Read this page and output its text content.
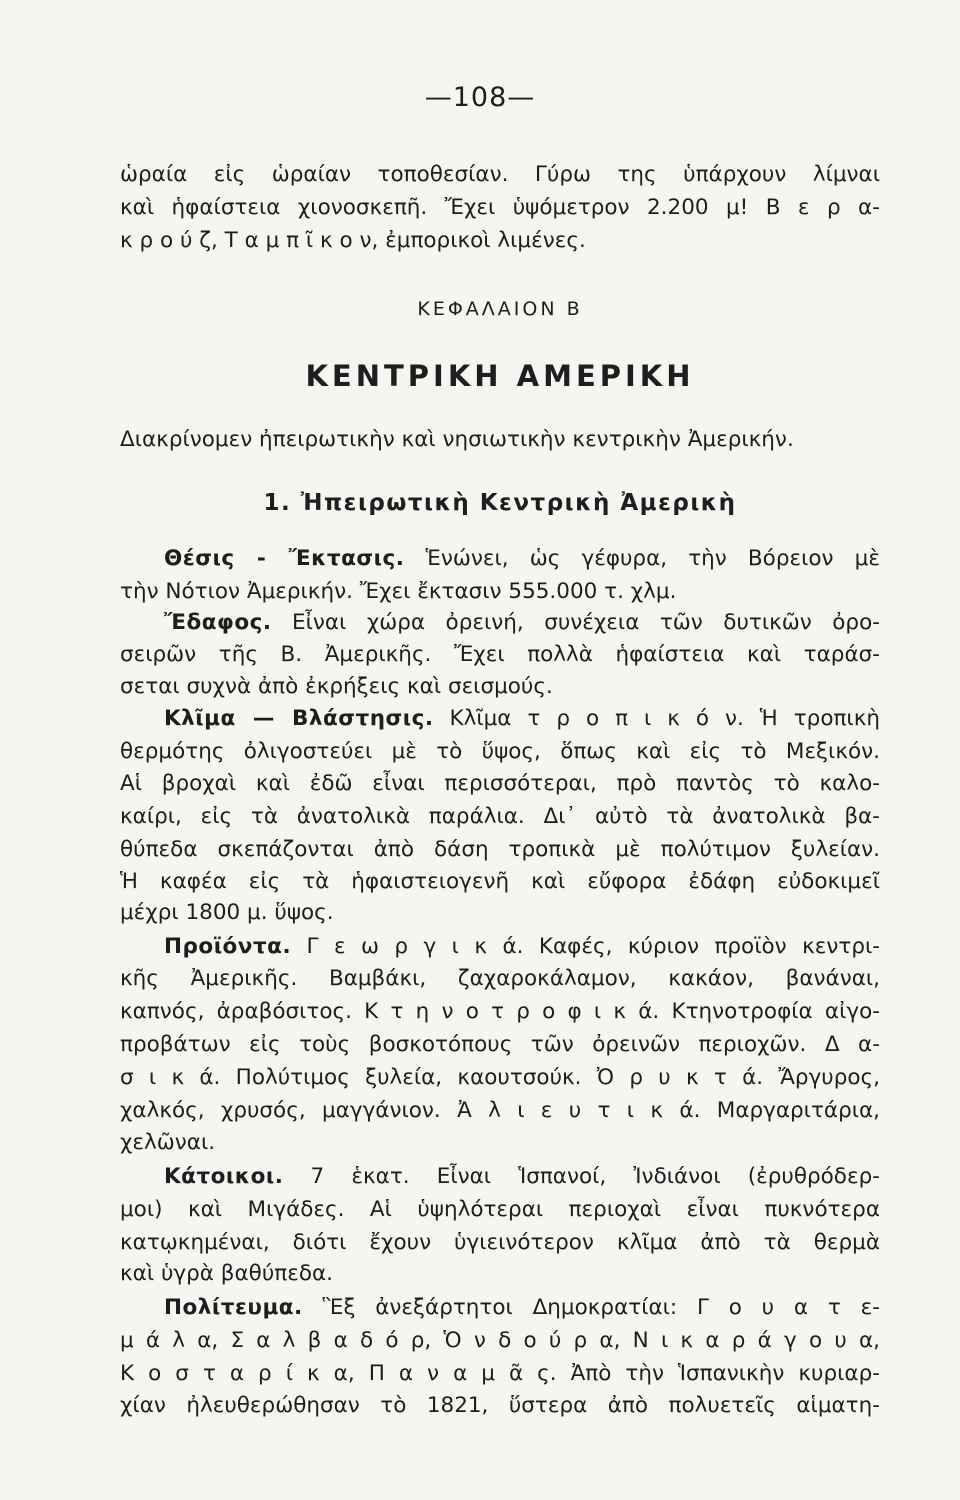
—108—
ὡραία εἰς ὡραίαν τοποθεσίαν. Γύρω της ὑπάρχουν λίμναι
καὶ ἡφαίστεια χιονοσκεπῆ. Ἔχει ὑψόμετρον 2.200 μ! Β ε ρ α-
κ ρ ο ύ ζ, Τ α μ π ῖ κ ο ν, ἐμπορικοὶ λιμένες.
ΚΕΦΑΛΑΙΟΝ Β
ΚΕΝΤΡΙΚΗ ΑΜΕΡΙΚΗ
Διακρίνομεν ἠπειρωτικὴν καὶ νησιωτικὴν κεντρικὴν Ἀμερικήν.
1. Ἠπειρωτικὴ Κεντρικὴ Ἀμερικὴ
Θέσις - Ἔκτασις. Ἑνώνει, ὡς γέφυρα, τὴν Βόρειον μὲ
τὴν Νότιον Ἀμερικήν. Ἔχει ἔκτασιν 555.000 τ. χλμ.
Ἔδαφος. Εἶναι χώρα ὀρεινή, συνέχεια τῶν δυτικῶν ὀρο-
σειρῶν τῆς Β. Ἀμερικῆς. Ἔχει πολλὰ ἡφαίστεια καὶ ταράσ-
σεται συχνὰ ἀπὸ ἐκρήξεις καὶ σεισμούς.
Κλῖμα — Βλάστησις. Κλῖμα τ ρ ο π ι κ ό ν. Ἡ τροπικὴ
θερμότης ὀλιγοστεύει μὲ τὸ ὕψος, ὅπως καὶ εἰς τὸ Μεξικόν.
Αἱ βροχαὶ καὶ ἐδῶ εἶναι περισσότεραι, πρὸ παντὸς τὸ καλο-
καίρι, εἰς τὰ ἀνατολικὰ παράλια. Δι᾽ αὐτὸ τὰ ἀνατολικὰ βα-
θύπεδα σκεπάζονται ἀπὸ δάση τροπικὰ μὲ πολύτιμον ξυλείαν.
Ἡ καφέα εἰς τὰ ἡφαιστειογενῆ καὶ εὔφορα ἐδάφη εὐδοκιμεῖ
μέχρι 1800 μ. ὕψος.
Προϊόντα. Γ ε ω ρ γ ι κ ά. Καφές, κύριον προϊὸν κεντρι-
κῆς Ἀμερικῆς. Βαμβάκι, ζαχαροκάλαμον, κακάον, βανάναι,
καπνός, ἀραβόσιτος. Κ τ η ν ο τ ρ ο φ ι κ ά. Κτηνοτροφία αἰγο-
προβάτων εἰς τοὺς βοσκοτόπους τῶν ὀρεινῶν περιοχῶν. Δ α-
σ ι κ ά. Πολύτιμος ξυλεία, καουτσούκ. Ὀ ρ υ κ τ ά. Ἄργυρος,
χαλκός, χρυσός, μαγγάνιον. Ἀ λ ι ε υ τ ι κ ά. Μαργαριτάρια,
χελῶναι.
Κάτοικοι. 7 ἑκατ. Εἶναι Ἱσπανοί, Ἰνδιάνοι (ἐρυθρόδερ-
μοι) καὶ Μιγάδες. Αἱ ὑψηλότεραι περιοχαὶ εἶναι πυκνότερα
κατῳκημέναι, διότι ἔχουν ὑγιεινότερον κλῖμα ἀπὸ τὰ θερμὰ
καὶ ὑγρὰ βαθύπεδα.
Πολίτευμα. Ἓξ ἀνεξάρτητοι Δημοκρατίαι: Γ ο υ α τ ε-
μ ά λ α, Σ α λ β α δ ό ρ, Ὁ ν δ ο ύ ρ α, Ν ι κ α ρ ά γ ο υ α,
Κ ο σ τ α ρ ί κ α, Π α ν α μ ᾶ ς. Ἀπὸ τὴν Ἱσπανικὴν κυριαρ-
χίαν ἠλευθερώθησαν τὸ 1821, ὕστερα ἀπὸ πολυετεῖς αἱματη-
